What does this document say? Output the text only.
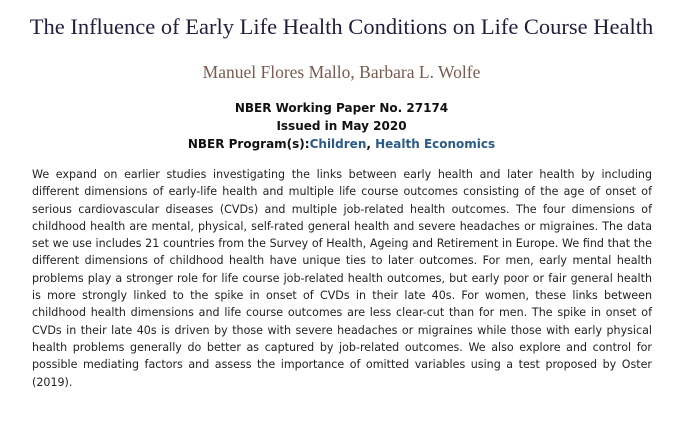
The Influence of Early Life Health Conditions on Life Course Health
Manuel Flores Mallo, Barbara L. Wolfe
NBER Working Paper No. 27174
Issued in May 2020
NBER Program(s):Children, Health Economics

We expand on earlier studies investigating the links between early health and later health by including different dimensions of early-life health and multiple life course outcomes consisting of the age of onset of serious cardiovascular diseases (CVDs) and multiple job-related health outcomes. The four dimensions of childhood health are mental, physical, self-rated general health and severe headaches or migraines. The data set we use includes 21 countries from the Survey of Health, Ageing and Retirement in Europe. We find that the different dimensions of childhood health have unique ties to later outcomes. For men, early mental health problems play a stronger role for life course job-related health outcomes, but early poor or fair general health is more strongly linked to the spike in onset of CVDs in their late 40s. For women, these links between childhood health dimensions and life course outcomes are less clear-cut than for men. The spike in onset of CVDs in their late 40s is driven by those with severe headaches or migraines while those with early physical health problems generally do better as captured by job-related outcomes. We also explore and control for possible mediating factors and assess the importance of omitted variables using a test proposed by Oster (2019).
